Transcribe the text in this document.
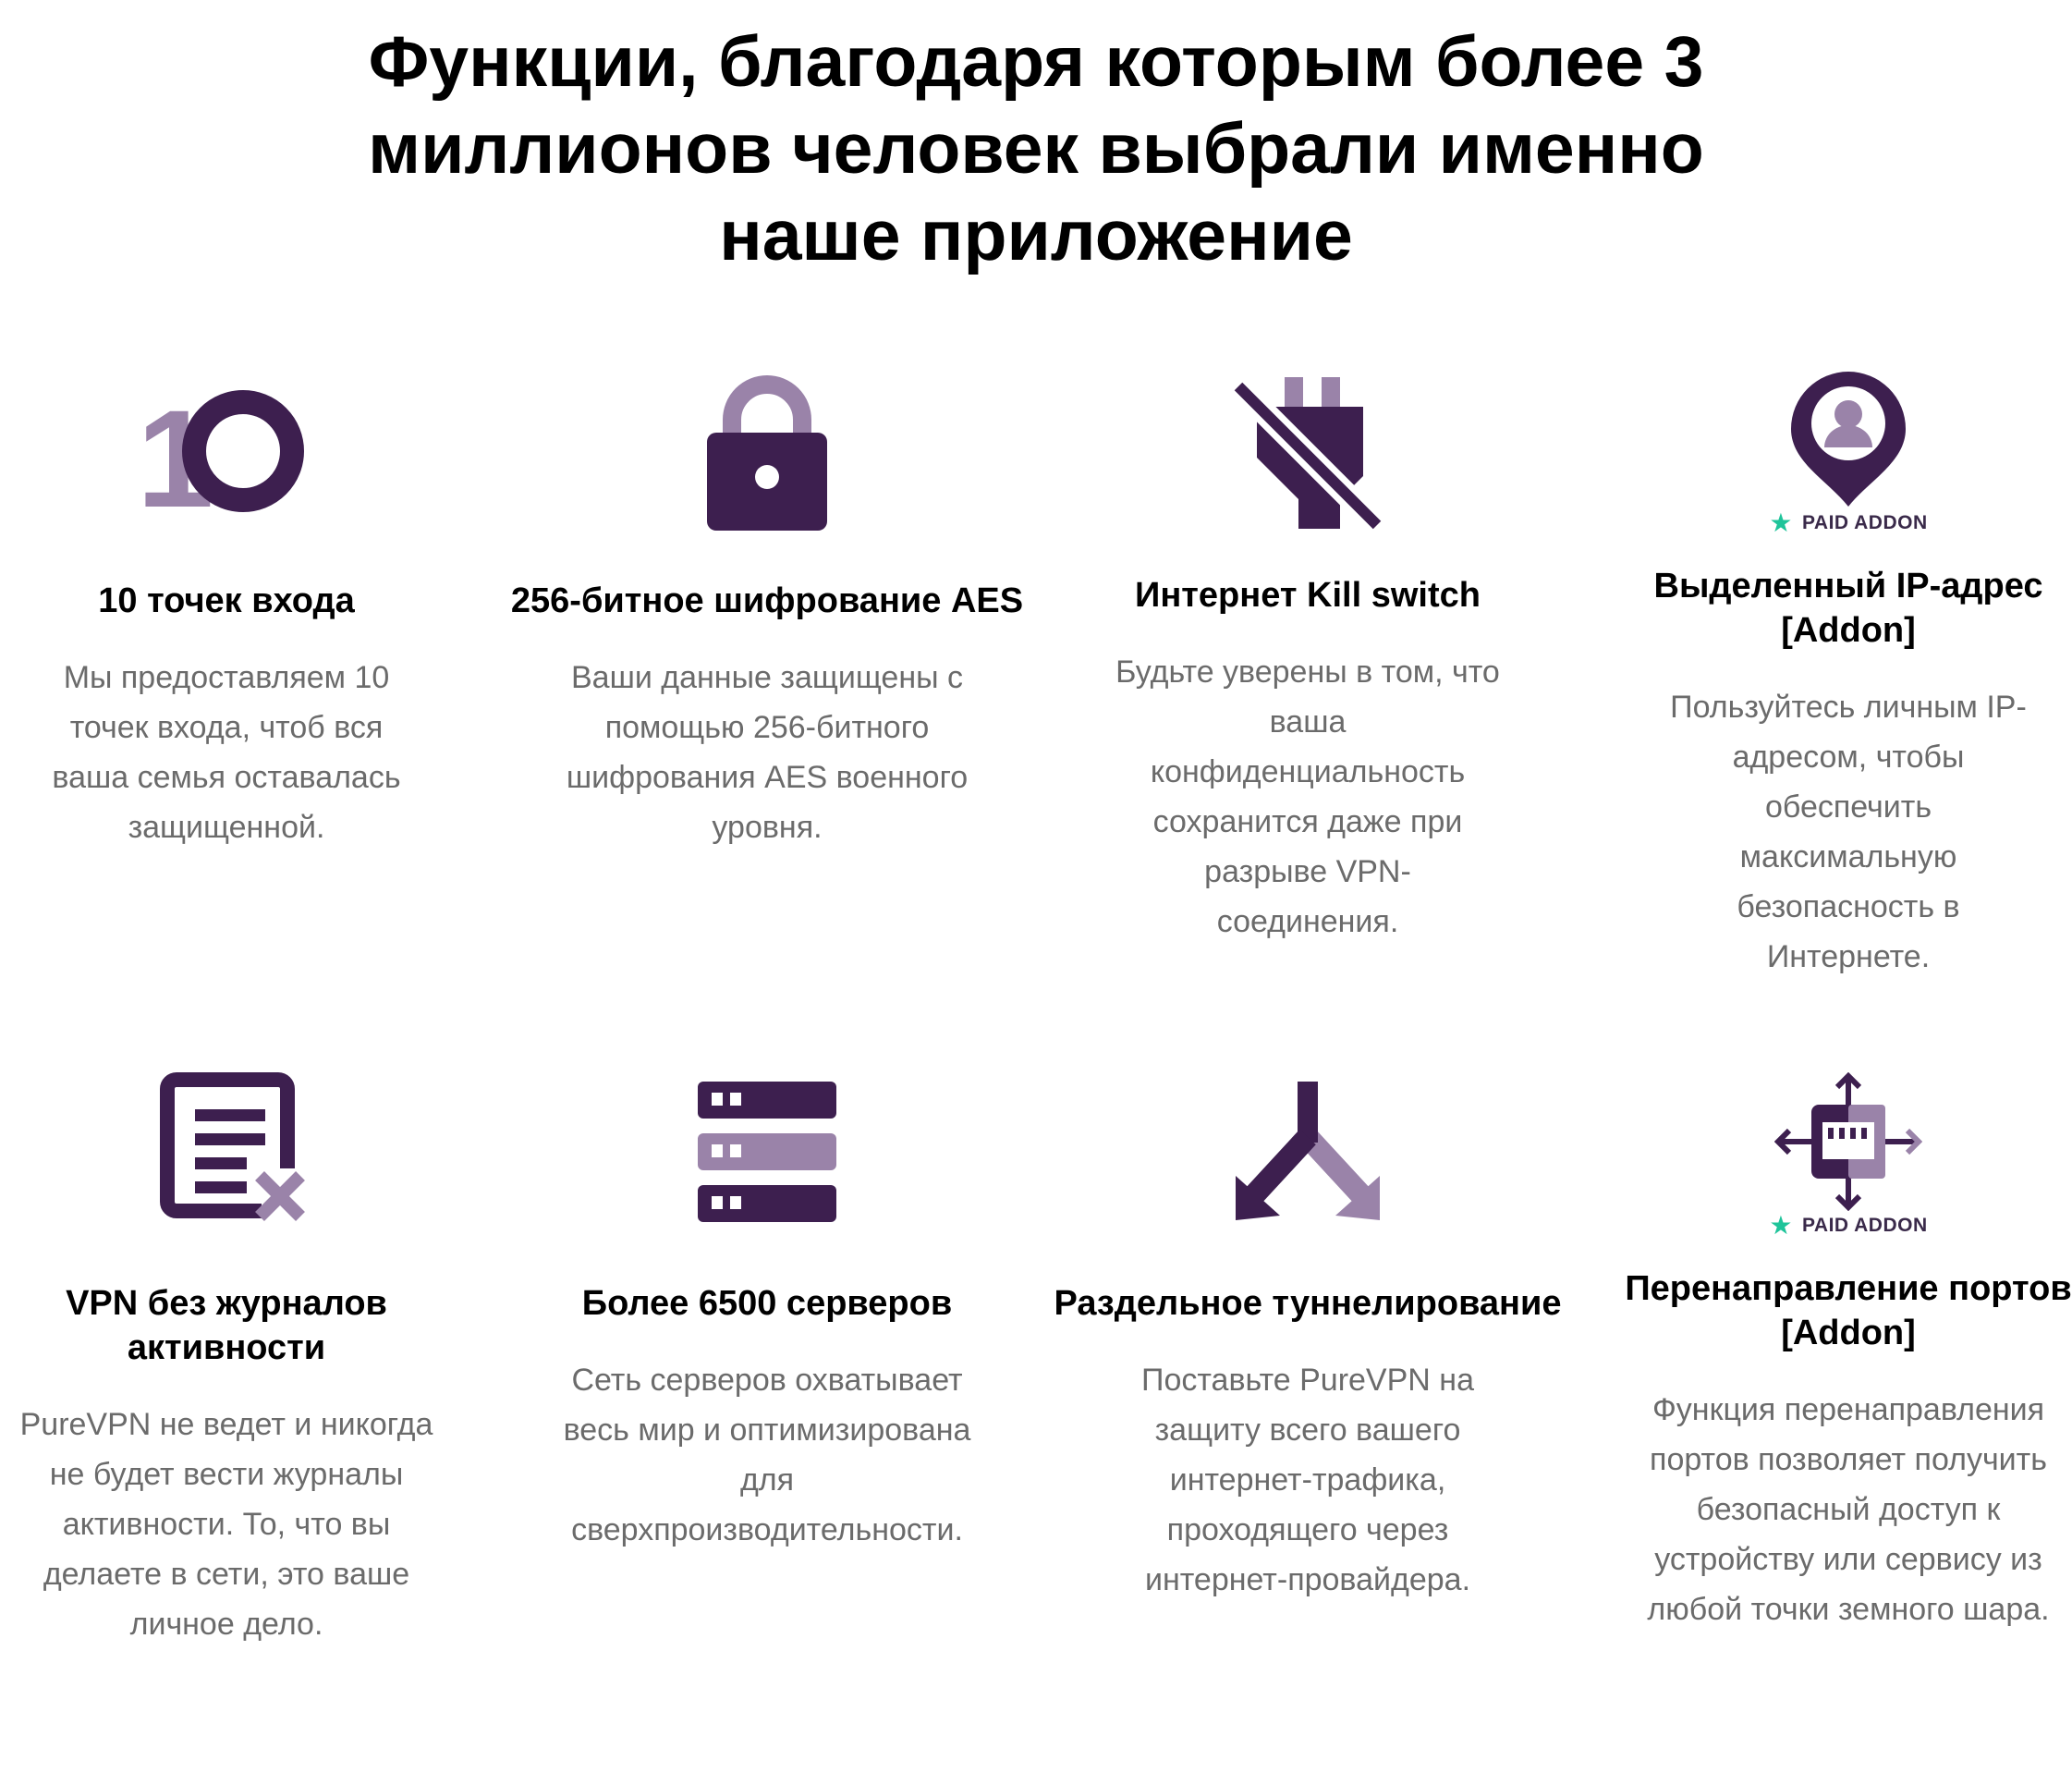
Функции, благодаря которым более 3
миллионов человек выбрали именно
наше приложение
1
10 точек входа

Мы предоставляем 10 точек входа, чтоб вся ваша семья оставалась защищенной.

256-битное шифрование AES

Ваши данные защищены с помощью 256-битного шифрования AES военного уровня.

Интернет Kill switch

Будьте уверены в том, что ваша конфиденциальность сохранится даже при разрыве VPN-соединения.

★ PAID ADDON
Выделенный IP-адрес [Addon]

Пользуйтесь личным IP-адресом, чтобы обеспечить максимальную безопасность в Интернете.

VPN без журналов активности

PureVPN не ведет и никогда не будет вести журналы активности. То, что вы делаете в сети, это ваше личное дело.

Более 6500 серверов

Сеть серверов охватывает весь мир и оптимизирована для сверхпроизводительности.

Раздельное туннелирование

Поставьте PureVPN на защиту всего вашего интернет-трафика, проходящего через интернет-провайдера.

★ PAID ADDON
Перенаправление портов [Addon]

Функция перенаправления портов позволяет получить безопасный доступ к устройству или сервису из любой точки земного шара.
